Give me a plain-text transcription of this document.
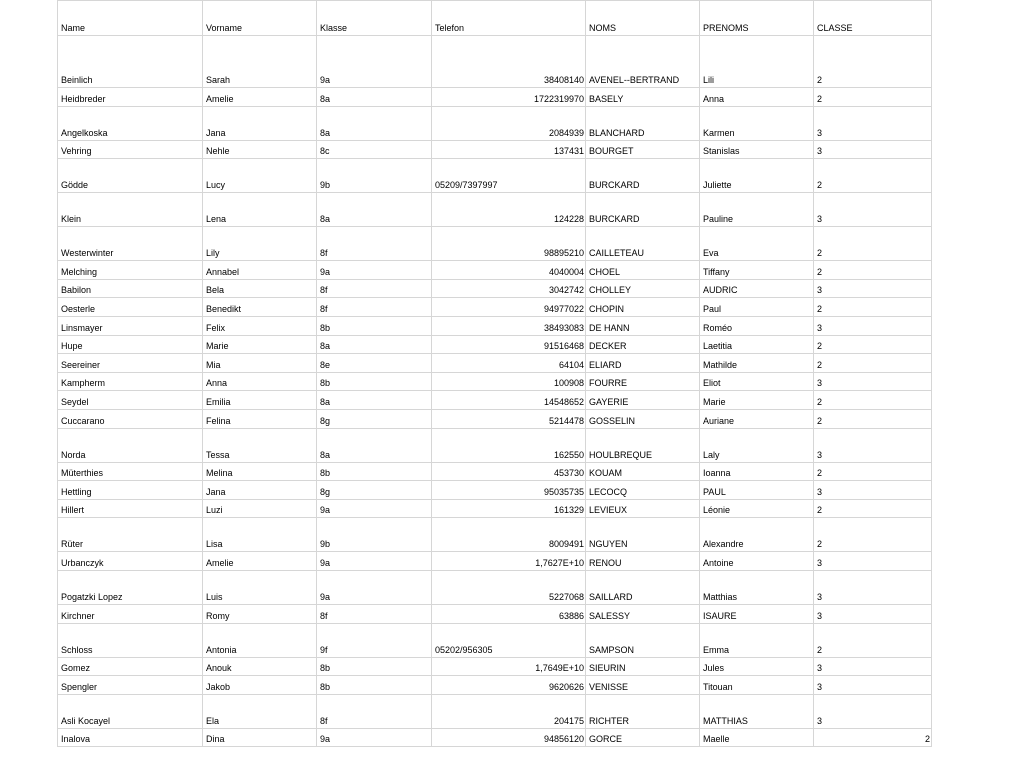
Name	Vorname	Klasse	Telefon	NOMS	PRENOMS	CLASSE
Beinlich	Sarah	9a	38408140	AVENEL--BERTRAND	Lili	2
Heidbreder	Amelie	8a	1722319970	BASELY	Anna	2
Angelkoska	Jana	8a	2084939	BLANCHARD	Karmen	3
Vehring	Nehle	8c	137431	BOURGET	Stanislas	3
Gödde	Lucy	9b	05209/7397997	BURCKARD	Juliette	2
Klein	Lena	8a	124228	BURCKARD	Pauline	3
Westerwinter	Lily	8f	98895210	CAILLETEAU	Eva	2
Melching	Annabel	9a	4040004	CHOEL	Tiffany	2
Babilon	Bela	8f	3042742	CHOLLEY	AUDRIC	3
Oesterle	Benedikt	8f	94977022	CHOPIN	Paul	2
Linsmayer	Felix	8b	38493083	DE HANN	Roméo	3
Hupe	Marie	8a	91516468	DECKER	Laetitia	2
Seereiner	Mia	8e	64104	ELIARD	Mathilde	2
Kampherm	Anna	8b	100908	FOURRE	Eliot	3
Seydel	Emilia	8a	14548652	GAYERIE	Marie	2
Cuccarano	Felina	8g	5214478	GOSSELIN	Auriane	2
Norda	Tessa	8a	162550	HOULBREQUE	Laly	3
Müterthies	Melina	8b	453730	KOUAM	Ioanna	2
Hettling	Jana	8g	95035735	LECOCQ	PAUL	3
Hillert	Luzi	9a	161329	LEVIEUX	Léonie	2
Rüter	Lisa	9b	8009491	NGUYEN	Alexandre	2
Urbanczyk	Amelie	9a	1,7627E+10	RENOU	Antoine	3
Pogatzki Lopez	Luis	9a	5227068	SAILLARD	Matthias	3
Kirchner	Romy	8f	63886	SALESSY	ISAURE	3
Schloss	Antonia	9f	05202/956305	SAMPSON	Emma	2
Gomez	Anouk	8b	1,7649E+10	SIEURIN	Jules	3
Spengler	Jakob	8b	9620626	VENISSE	Titouan	3
Asli Kocayel	Ela	8f	204175	RICHTER	MATTHIAS	3
Inalova	Dina	9a	94856120	GORCE	Maelle	2
